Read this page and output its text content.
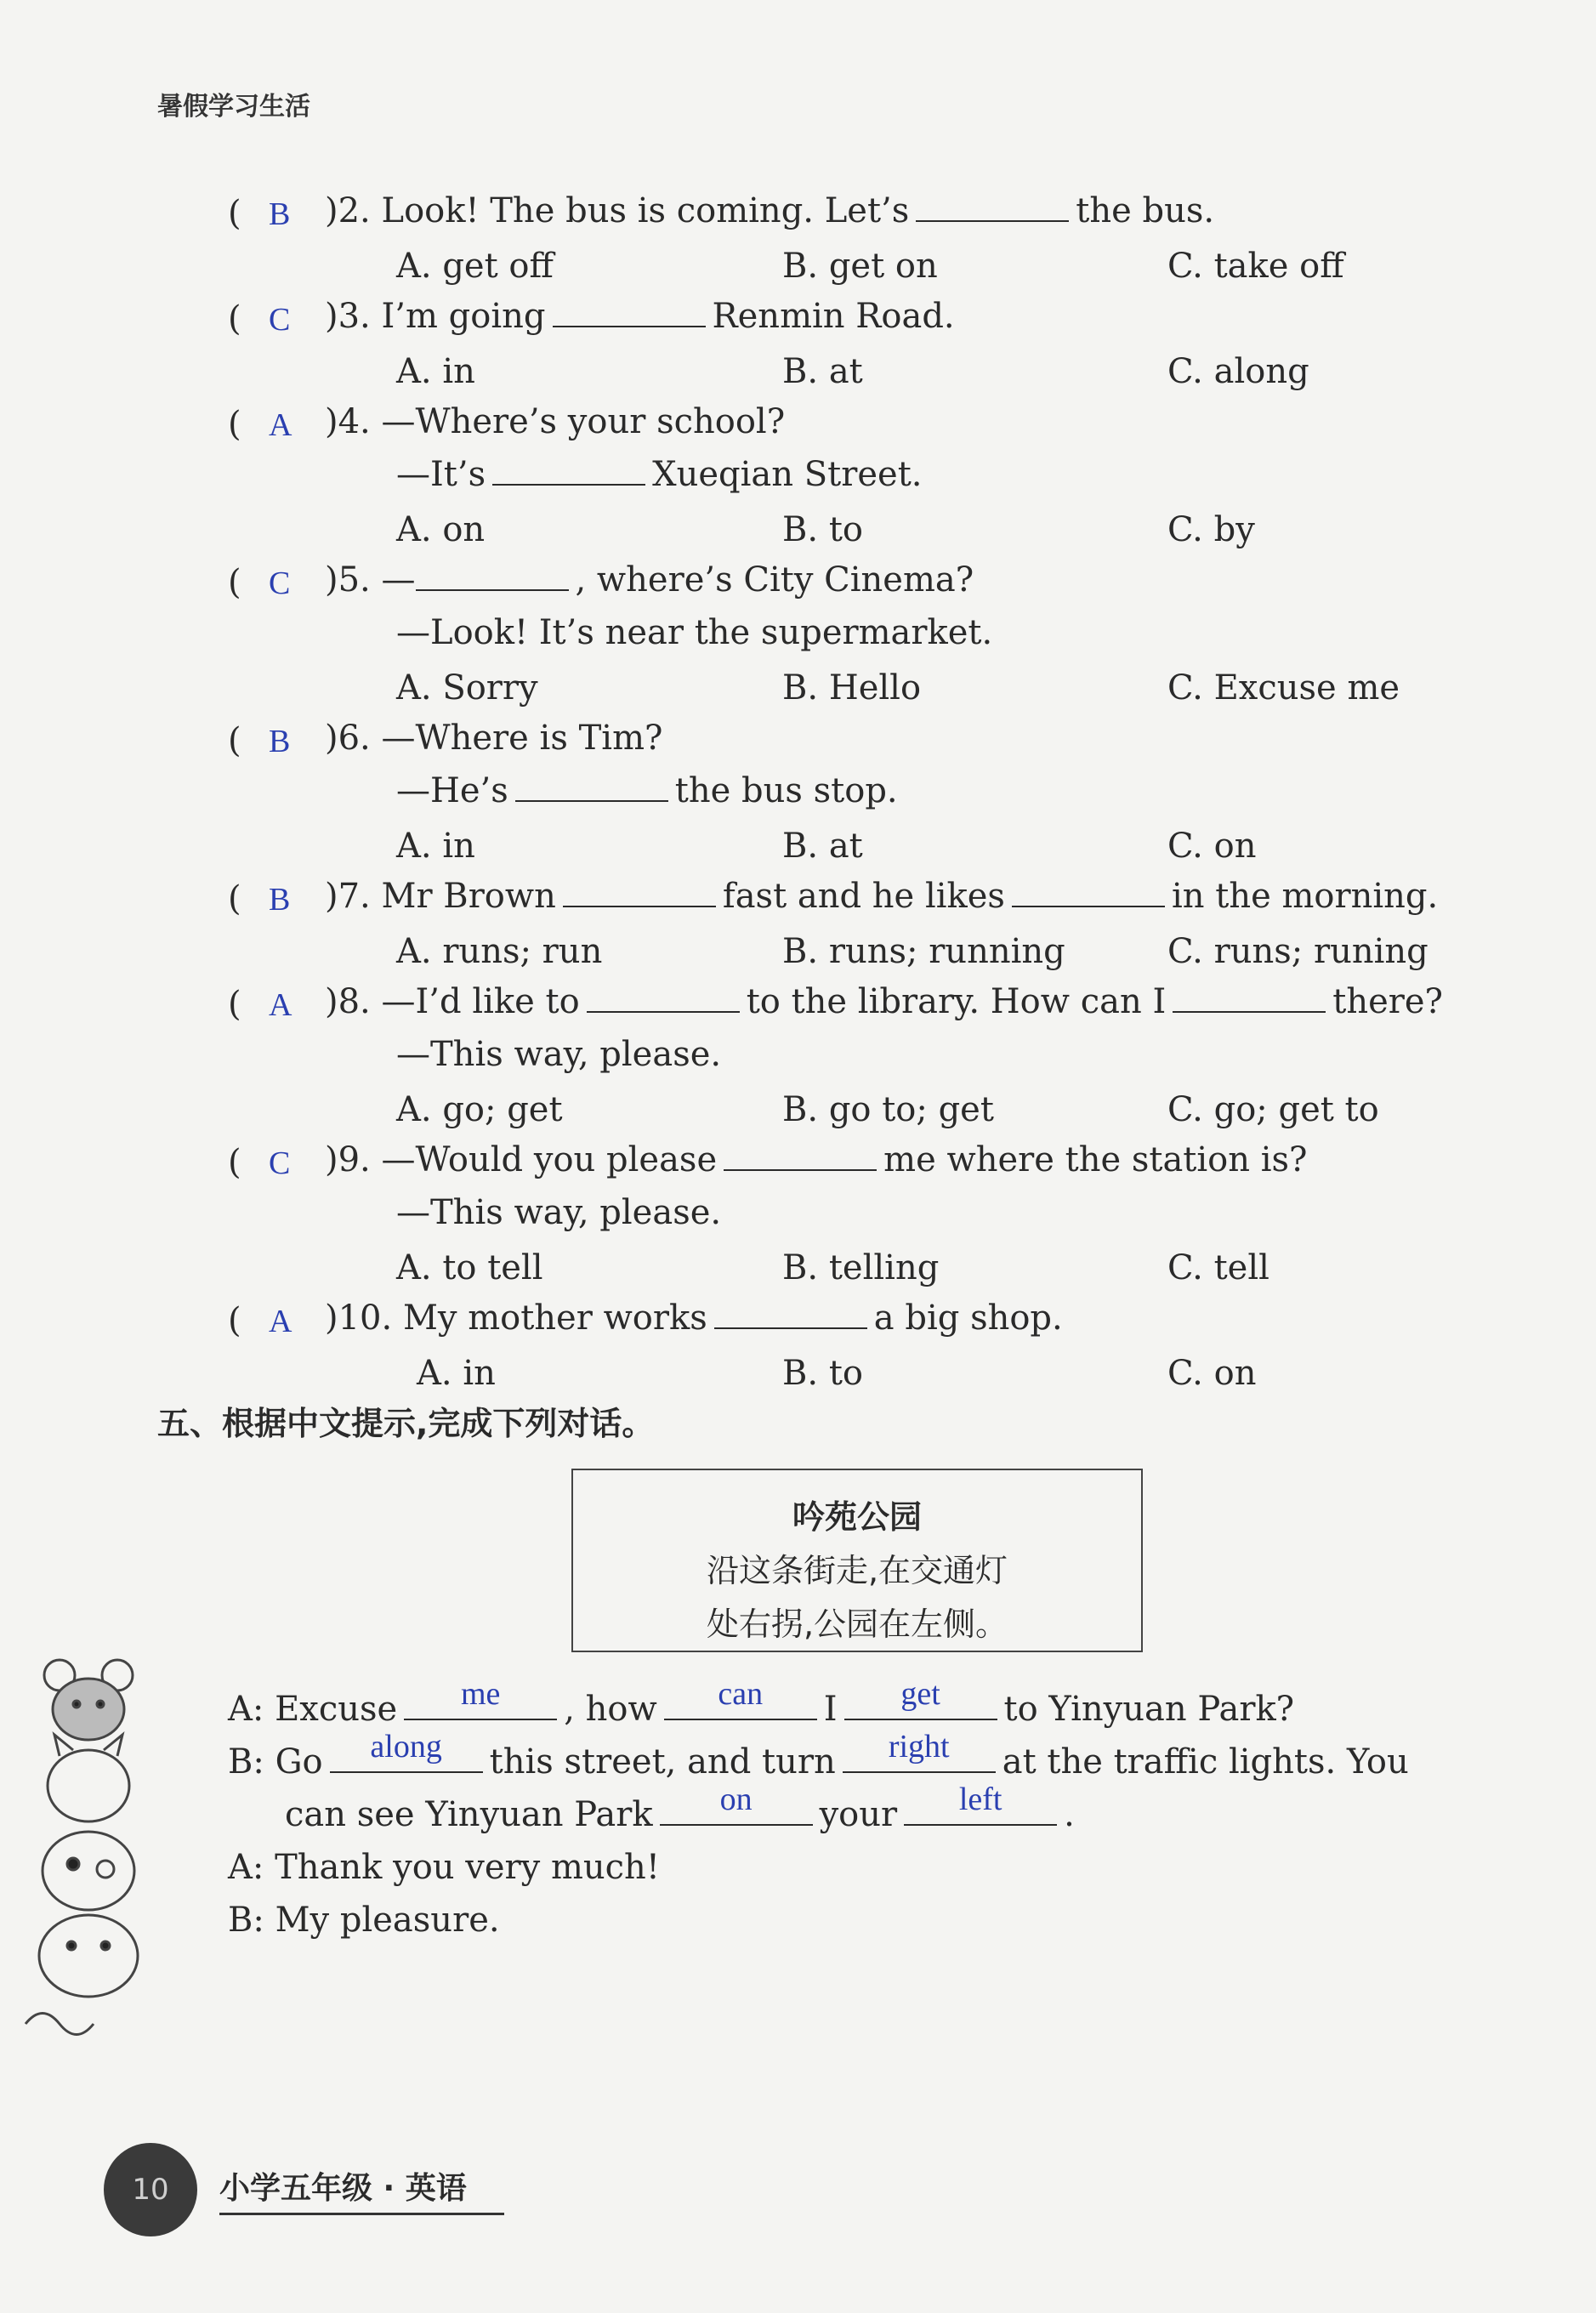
暑假学习生活
( B )2. Look! The bus is coming. Let’s	the bus.
A. get off	B. get on	C. take off
( C )3. I’m going	Renmin Road.
A. in	B. at	C. along
( A )4. —Where’s your school?
—It’s	Xueqian Street.
A. on	B. to	C. by
( C )5. —	, where’s City Cinema?
—Look! It’s near the supermarket.
A. Sorry	B. Hello	C. Excuse me
( B )6. —Where is Tim?
—He’s	the bus stop.
A. in	B. at	C. on
( B )7. Mr Brown	fast and he likes	in the morning.
A. runs; run	B. runs; running	C. runs; runing
( A )8. —I’d like to	to the library. How can I	there?
—This way, please.
A. go; get	B. go to; get	C. go; get to
( C )9. —Would you please	me where the station is?
—This way, please.
A. to tell	B. telling	C. tell
( A )10. My mother works	a big shop.
A. in	B. to	C. on
五、根据中文提示,完成下列对话。
吟苑公园
沿这条街走,在交通灯
处右拐,公园在左侧。
A: Excuse	me	, how	can	I	get	to Yinyuan Park?
B: Go	along	this street, and turn	right	at the traffic lights. You
can see Yinyuan Park	on	your	left	.
A: Thank you very much!
B: My pleasure.
10	小学五年级 · 英语
